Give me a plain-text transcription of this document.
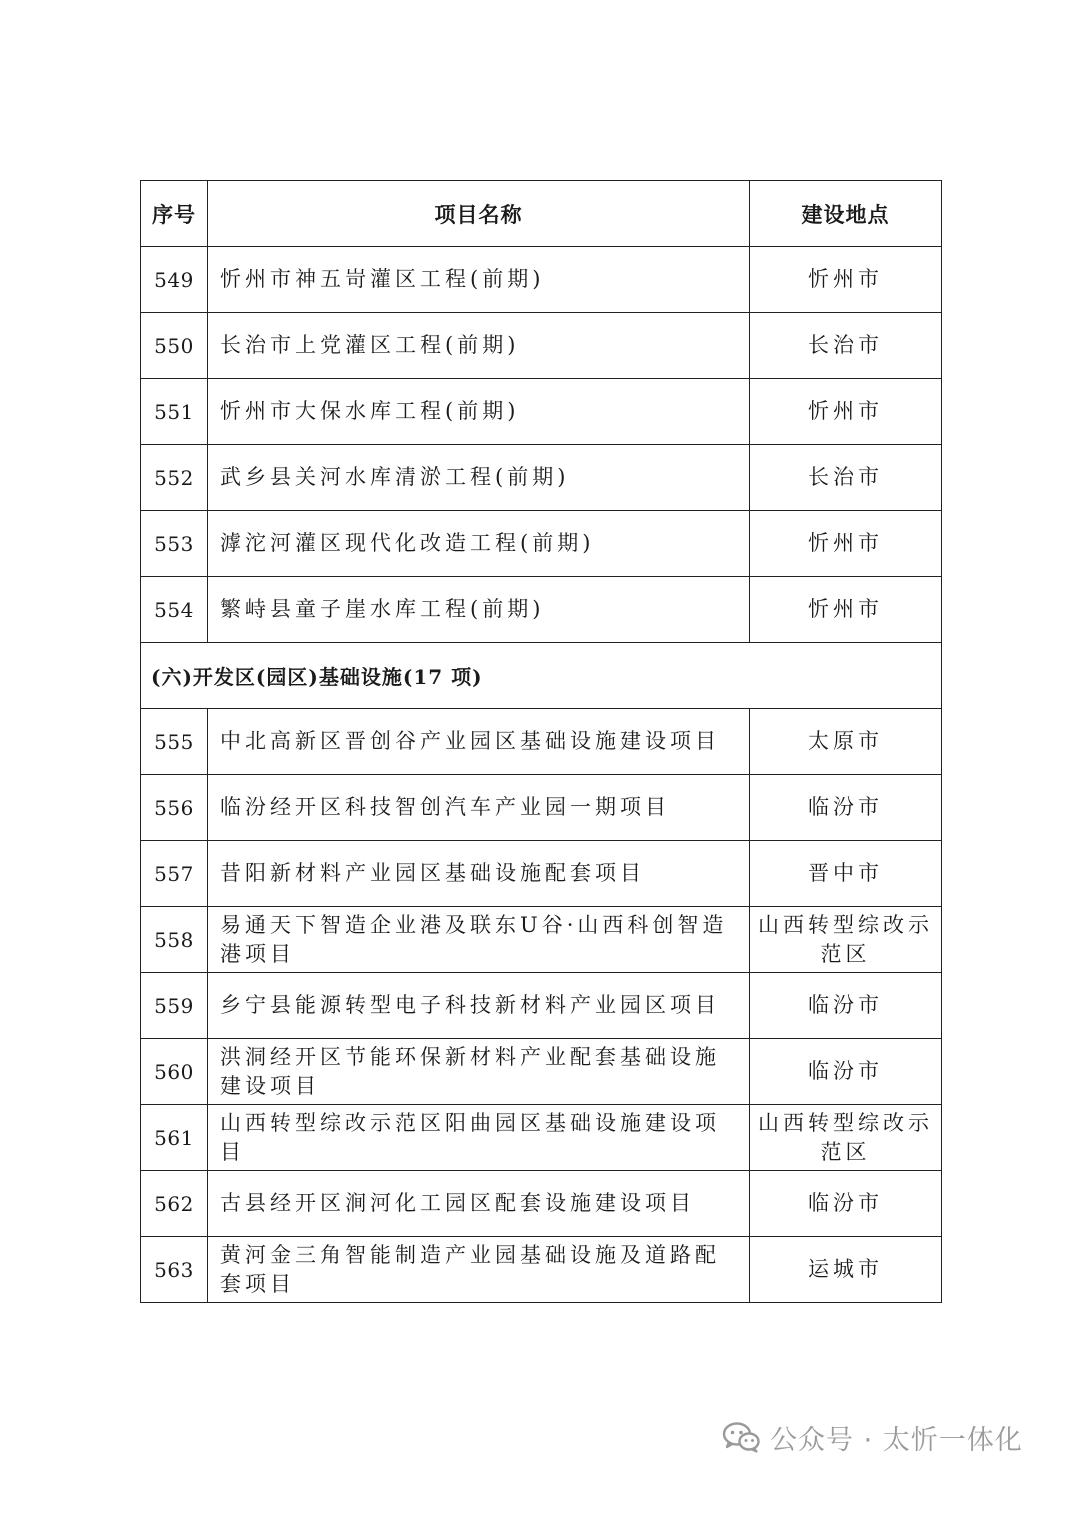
序号	项目名称	建设地点
549	忻州市神五岢灌区工程(前期)	忻州市
550	长治市上党灌区工程(前期)	长治市
551	忻州市大保水库工程(前期)	忻州市
552	武乡县关河水库清淤工程(前期)	长治市
553	滹沱河灌区现代化改造工程(前期)	忻州市
554	繁峙县童子崖水库工程(前期)	忻州市
(六)开发区(园区)基础设施(17 项)		
555	中北高新区晋创谷产业园区基础设施建设项目	太原市
556	临汾经开区科技智创汽车产业园一期项目	临汾市
557	昔阳新材料产业园区基础设施配套项目	晋中市
558	易通天下智造企业港及联东U谷·山西科创智造港项目	山西转型综改示范区
559	乡宁县能源转型电子科技新材料产业园区项目	临汾市
560	洪洞经开区节能环保新材料产业配套基础设施建设项目	临汾市
561	山西转型综改示范区阳曲园区基础设施建设项目	山西转型综改示范区
562	古县经开区涧河化工园区配套设施建设项目	临汾市
563	黄河金三角智能制造产业园基础设施及道路配套项目	运城市
公众号 · 太忻一体化
